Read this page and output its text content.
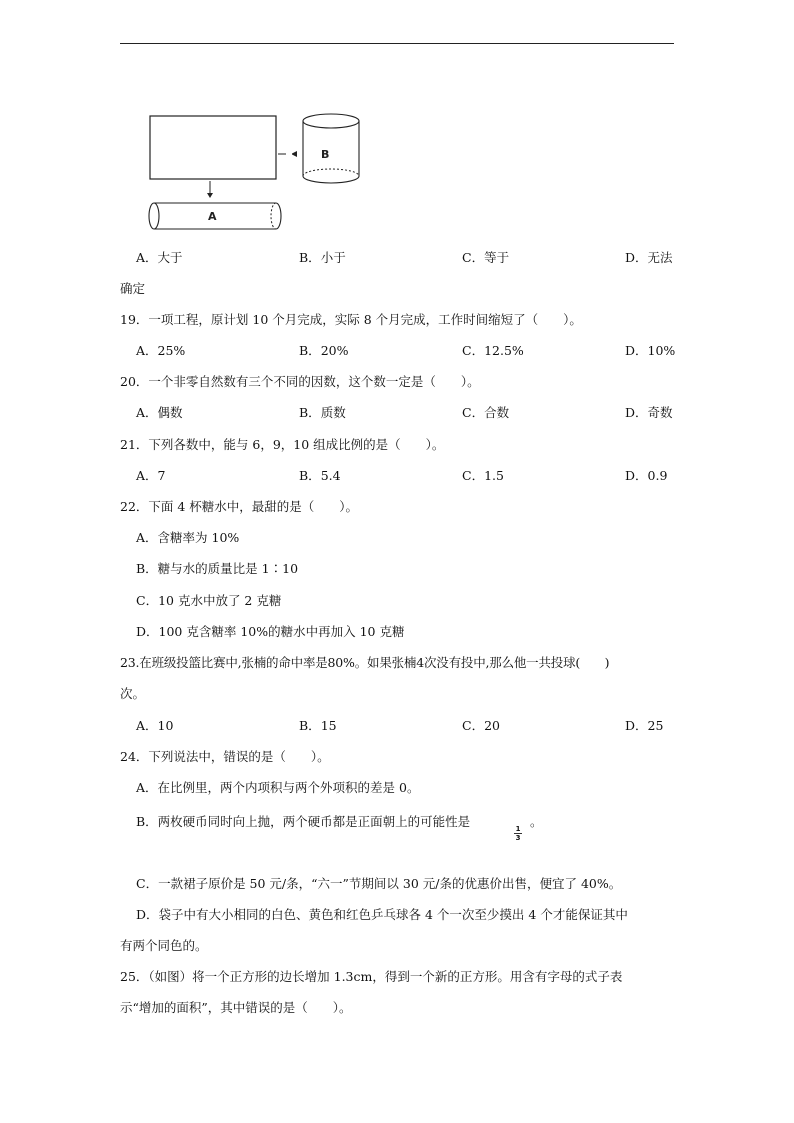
A
B
A．大于	B．小于	C．等于	D．无法
确定
19．一项工程，原计划 10 个月完成，实际 8 个月完成，工作时间缩短了（　　）。
A．25%	B．20%	C．12.5%	D．10%
20．一个非零自然数有三个不同的因数，这个数一定是（　　）。
A．偶数	B．质数	C．合数	D．奇数
21．下列各数中，能与 6，9，10 组成比例的是（　　）。
A．7	B．5.4	C．1.5	D．0.9
22．下面 4 杯糖水中，最甜的是（　　）。
A．含糖率为 10%
B．糖与水的质量比是 1∶10
C．10 克水中放了 2 克糖
D．100 克含糖率 10%的糖水中再加入 10 克糖
23.在班级投篮比赛中,张楠的命中率是80%。如果张楠4次没有投中,那么他一共投球(　　)
次。
A．10	B．15	C．20	D．25
24．下列说法中，错误的是（　　）。
A．在比例里，两个内项积与两个外项积的差是 0。
B．两枚硬币同时向上抛，两个硬币都是正面朝上的可能性是	1
3
。
C．一款裙子原价是 50 元/条，“六一”节期间以 30 元/条的优惠价出售，便宜了 40%。
D．袋子中有大小相同的白色、黄色和红色乒乓球各 4 个一次至少摸出 4 个才能保证其中
有两个同色的。
25．（如图）将一个正方形的边长增加 1.3cm，得到一个新的正方形。用含有字母的式子表
示“增加的面积”，其中错误的是（　　）。
